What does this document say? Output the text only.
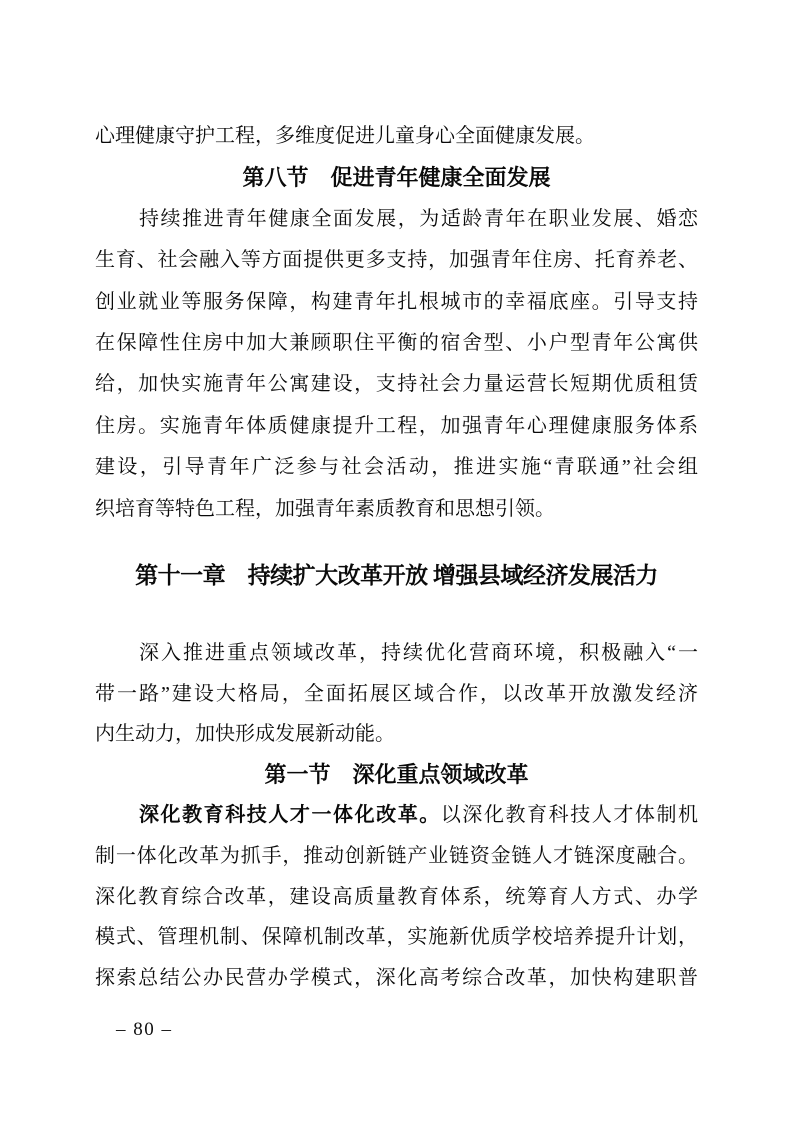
心理健康守护工程，多维度促进儿童身心全面健康发展。
第八节　促进青年健康全面发展
持续推进青年健康全面发展，为适龄青年在职业发展、婚恋
生育、社会融入等方面提供更多支持，加强青年住房、托育养老、
创业就业等服务保障，构建青年扎根城市的幸福底座。引导支持
在保障性住房中加大兼顾职住平衡的宿舍型、小户型青年公寓供
给，加快实施青年公寓建设，支持社会力量运营长短期优质租赁
住房。实施青年体质健康提升工程，加强青年心理健康服务体系
建设，引导青年广泛参与社会活动，推进实施“青联通”社会组
织培育等特色工程，加强青年素质教育和思想引领。
第十一章　持续扩大改革开放 增强县域经济发展活力
深入推进重点领域改革，持续优化营商环境，积极融入“一
带一路”建设大格局，全面拓展区域合作，以改革开放激发经济
内生动力，加快形成发展新动能。
第一节　深化重点领域改革
深化教育科技人才一体化改革。以深化教育科技人才体制机
制一体化改革为抓手，推动创新链产业链资金链人才链深度融合。
深化教育综合改革，建设高质量教育体系，统筹育人方式、办学
模式、管理机制、保障机制改革，实施新优质学校培养提升计划，
探索总结公办民营办学模式，深化高考综合改革，加快构建职普
– 80 –
